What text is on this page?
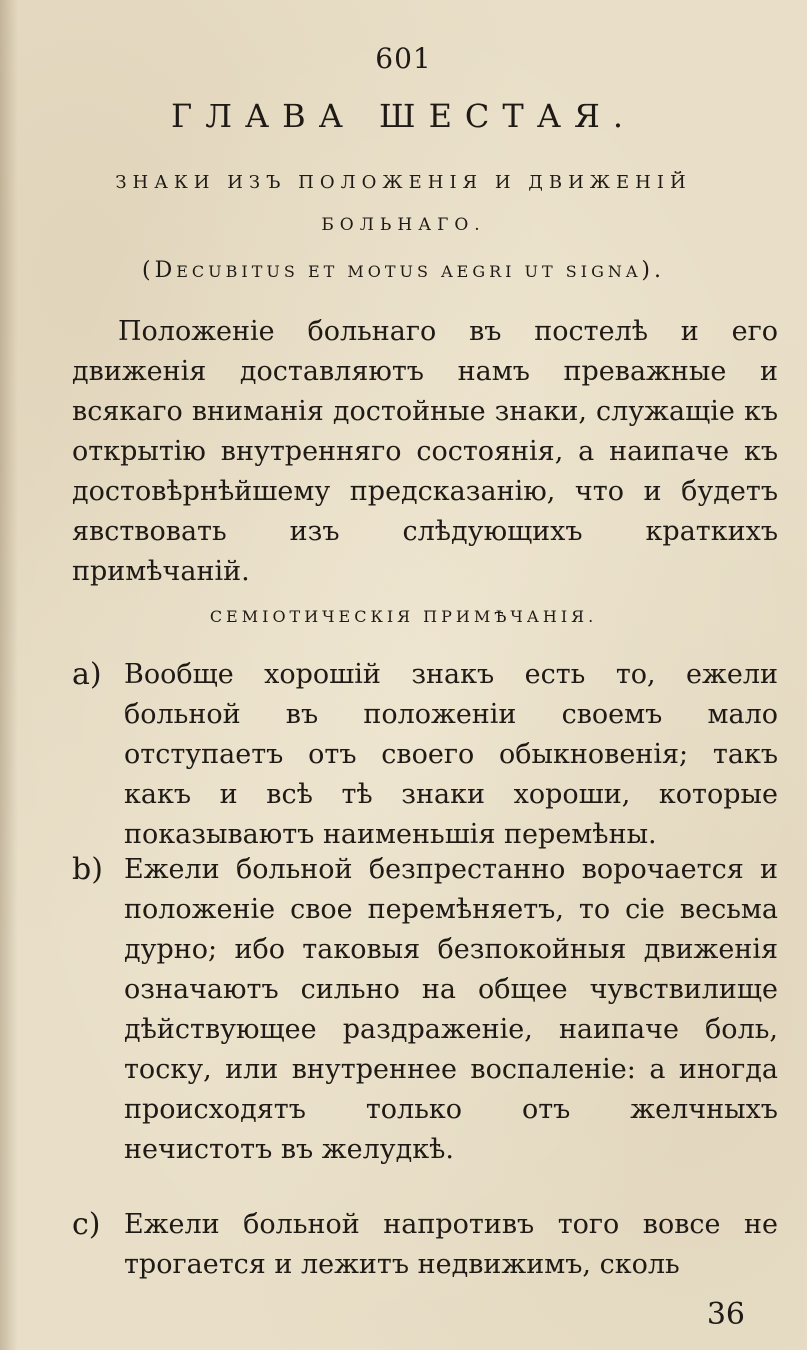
601
ГЛАВА ШЕСТАЯ.
ЗНАКИ ИЗЪ ПОЛОЖЕНІЯ И ДВИЖЕНІЙ
БОЛЬНАГО.
(DECUBITUS ET MOTUS AEGRI UT SIGNA).
Положеніе больнаго въ постелѣ и его движенія доставляютъ намъ преважные и всякаго вниманія достойные знаки, служащіе къ открытію внутренняго состоянія, а наипаче къ достовѣрнѣйшему предсказанію, что и будетъ явствовать изъ слѣдующихъ краткихъ примѣчаній.
СЕМІОТИЧЕСКІЯ ПРИМѢЧАНІЯ.
a) Вообще хорошій знакъ есть то, ежели больной въ положеніи своемъ мало отступаетъ отъ своего обыкновенія; такъ какъ и всѣ тѣ знаки хороши, которые показываютъ наименьшія перемѣны.
b) Ежели больной безпрестанно ворочается и положеніе свое перемѣняетъ, то сіе весьма дурно; ибо таковыя безпокойныя движенія означаютъ сильно на общее чувствилище дѣйствующее раздраженіе, наипаче боль, тоску, или внутреннее воспаленіе: а иногда происходятъ только отъ желчныхъ нечистотъ въ желудкѣ.
c) Ежели больной напротивъ того вовсе не трогается и лежитъ недвижимъ, сколь
36
